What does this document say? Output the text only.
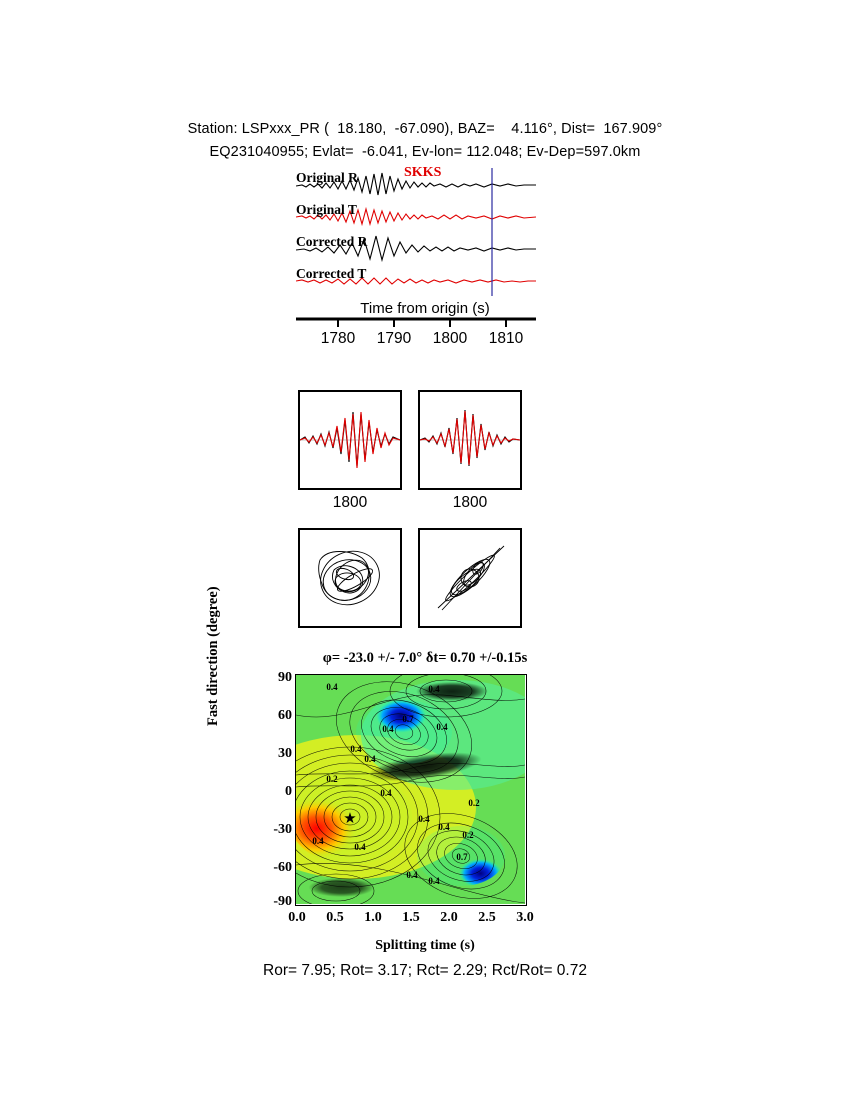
Station: LSPxxx_PR (  18.180,  -67.090), BAZ=    4.116°, Dist=  167.909°
EQ231040955; Evlat=  -6.041, Ev-lon= 112.048; Ev-Dep=597.0km
SKKS
Original R
Original T
Corrected R
Corrected T
Time from origin (s)
1780 1790 1800 1810
1800	1800
φ= -23.0 +/- 7.0° δt= 0.70 +/-0.15s
Fast direction (degree)
★
0.4	0.4
0.7
0.4	0.4
0.4
0.4
0.2
0.4
0.4
0.4
0.2
0.2
0.4
0.4
0.7
0.4
0.4
90
60
30
0
-30
-60
-90
0.0 0.5 1.0 1.5 2.0 2.5 3.0
Splitting time (s)
Ror= 7.95; Rot= 3.17; Rct= 2.29; Rct/Rot= 0.72
